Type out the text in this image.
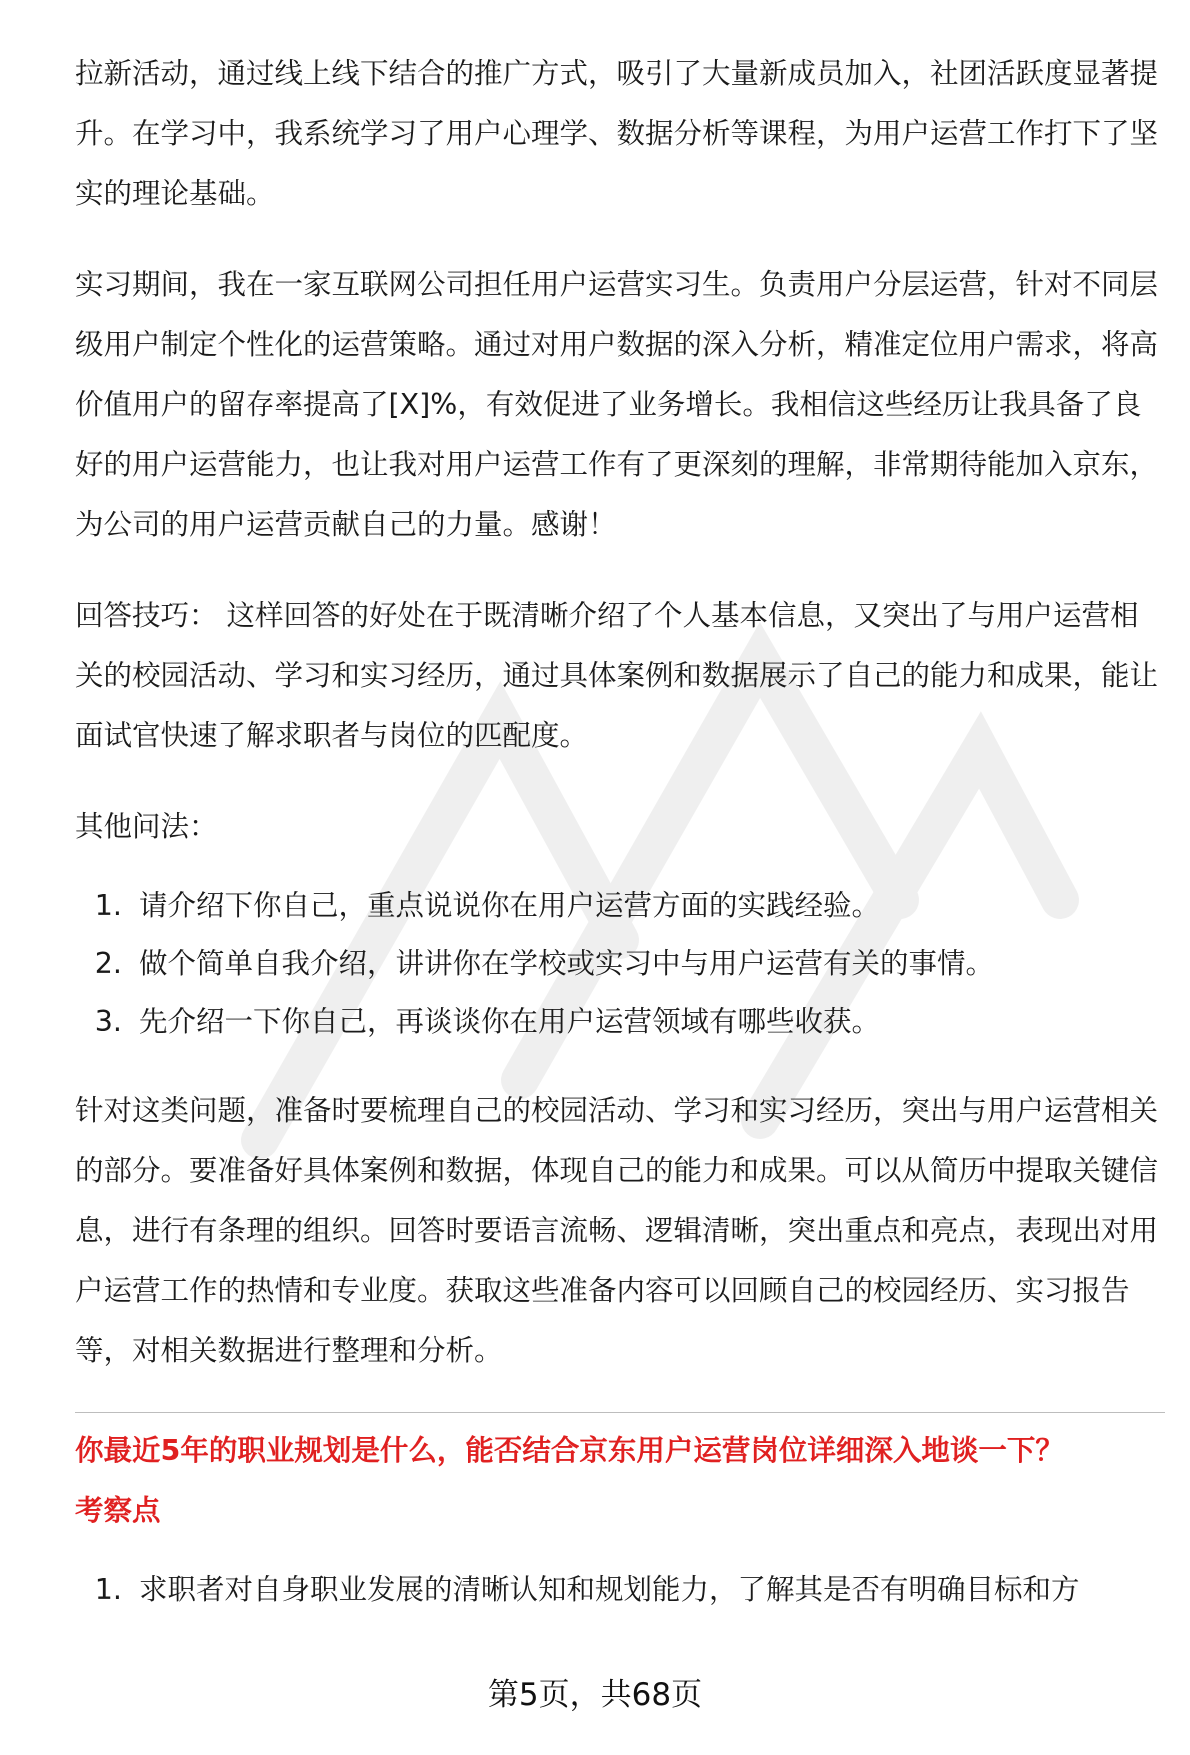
拉新活动，通过线上线下结合的推广方式，吸引了大量新成员加入，社团活跃度显著提升。在学习中，我系统学习了用户心理学、数据分析等课程，为用户运营工作打下了坚实的理论基础。

实习期间，我在一家互联网公司担任用户运营实习生。负责用户分层运营，针对不同层级用户制定个性化的运营策略。通过对用户数据的深入分析，精准定位用户需求，将高价值用户的留存率提高了[X]%，有效促进了业务增长。我相信这些经历让我具备了良好的用户运营能力，也让我对用户运营工作有了更深刻的理解，非常期待能加入京东，为公司的用户运营贡献自己的力量。感谢！

回答技巧： 这样回答的好处在于既清晰介绍了个人基本信息，又突出了与用户运营相关的校园活动、学习和实习经历，通过具体案例和数据展示了自己的能力和成果，能让面试官快速了解求职者与岗位的匹配度。

其他问法：

1. 请介绍下你自己，重点说说你在用户运营方面的实践经验。
2. 做个简单自我介绍，讲讲你在学校或实习中与用户运营有关的事情。
3. 先介绍一下你自己，再谈谈你在用户运营领域有哪些收获。

针对这类问题，准备时要梳理自己的校园活动、学习和实习经历，突出与用户运营相关的部分。要准备好具体案例和数据，体现自己的能力和成果。可以从简历中提取关键信息，进行有条理的组织。回答时要语言流畅、逻辑清晰，突出重点和亮点，表现出对用户运营工作的热情和专业度。获取这些准备内容可以回顾自己的校园经历、实习报告等，对相关数据进行整理和分析。

你最近5年的职业规划是什么，能否结合京东用户运营岗位详细深入地谈一下？

考察点

1. 求职者对自身职业发展的清晰认知和规划能力，了解其是否有明确目标和方
第5页，共68页
